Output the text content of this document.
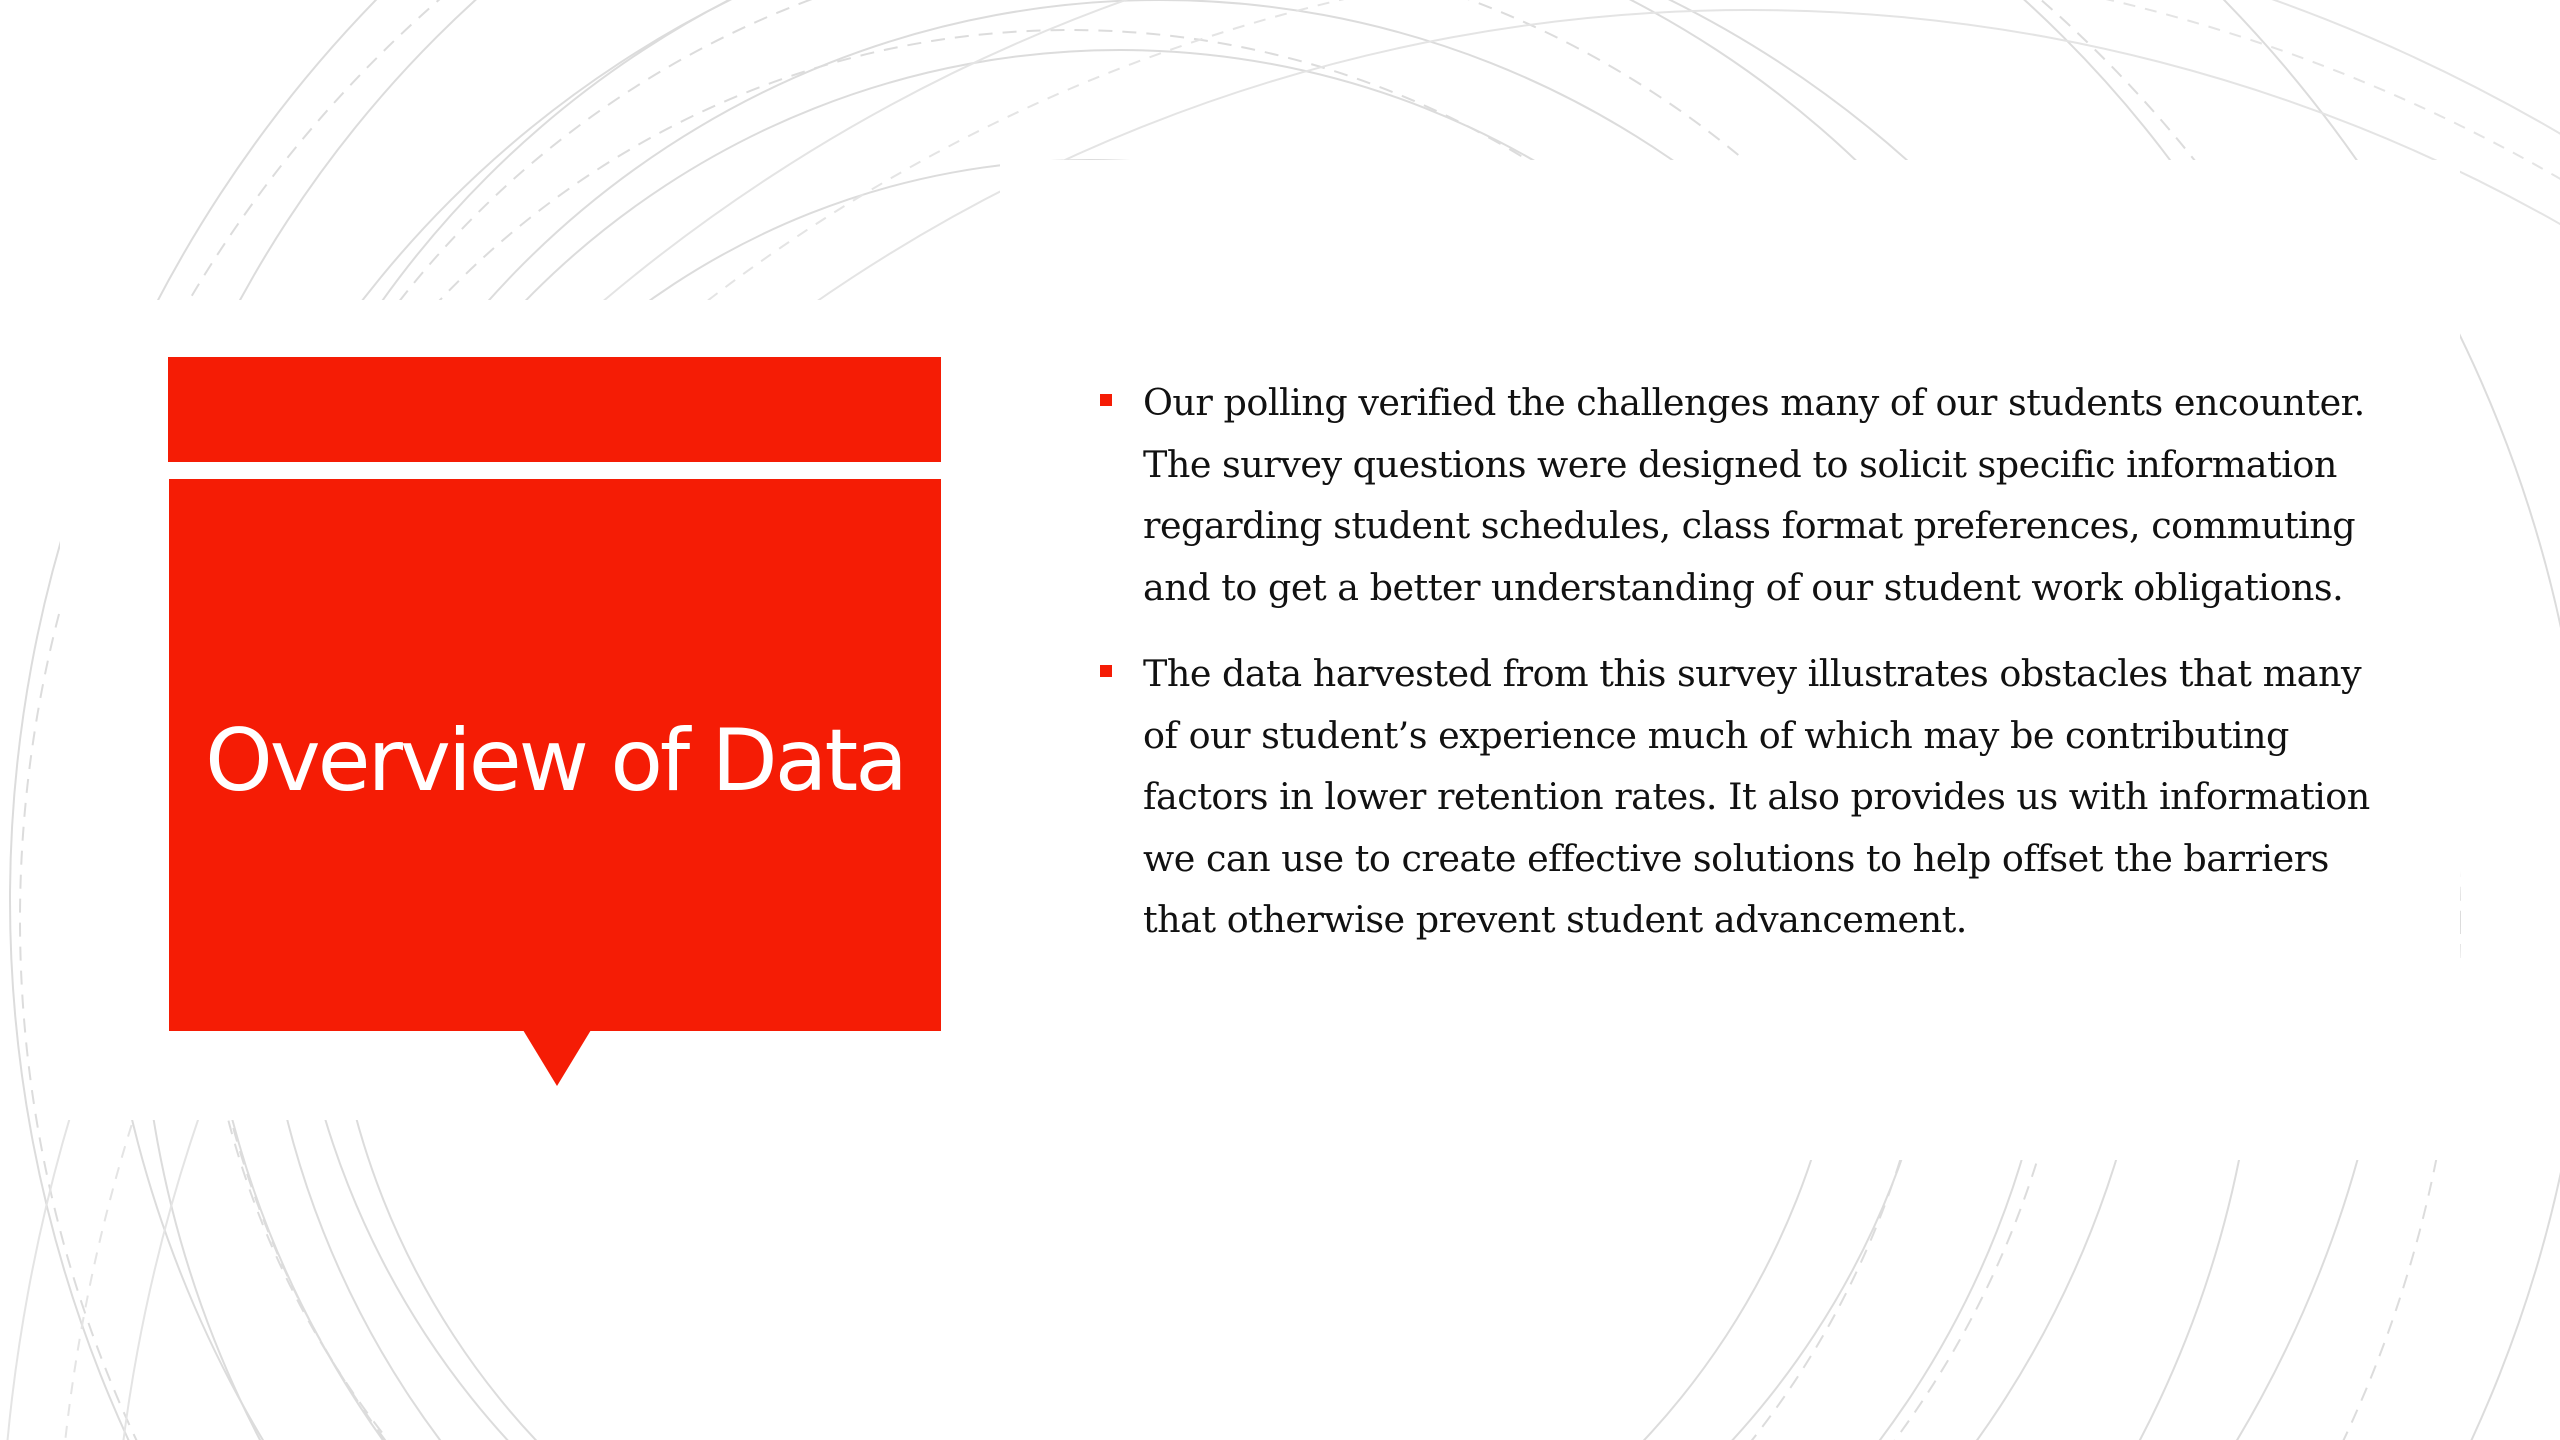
Overview of Data

Our polling verified the challenges many of our students encounter. The survey questions were designed to solicit specific information regarding student schedules, class format preferences, commuting and to get a better understanding of our student work obligations.

The data harvested from this survey illustrates obstacles that many of our student’s experience much of which may be contributing factors in lower retention rates. It also provides us with information we can use to create effective solutions to help offset the barriers that otherwise prevent student advancement.
